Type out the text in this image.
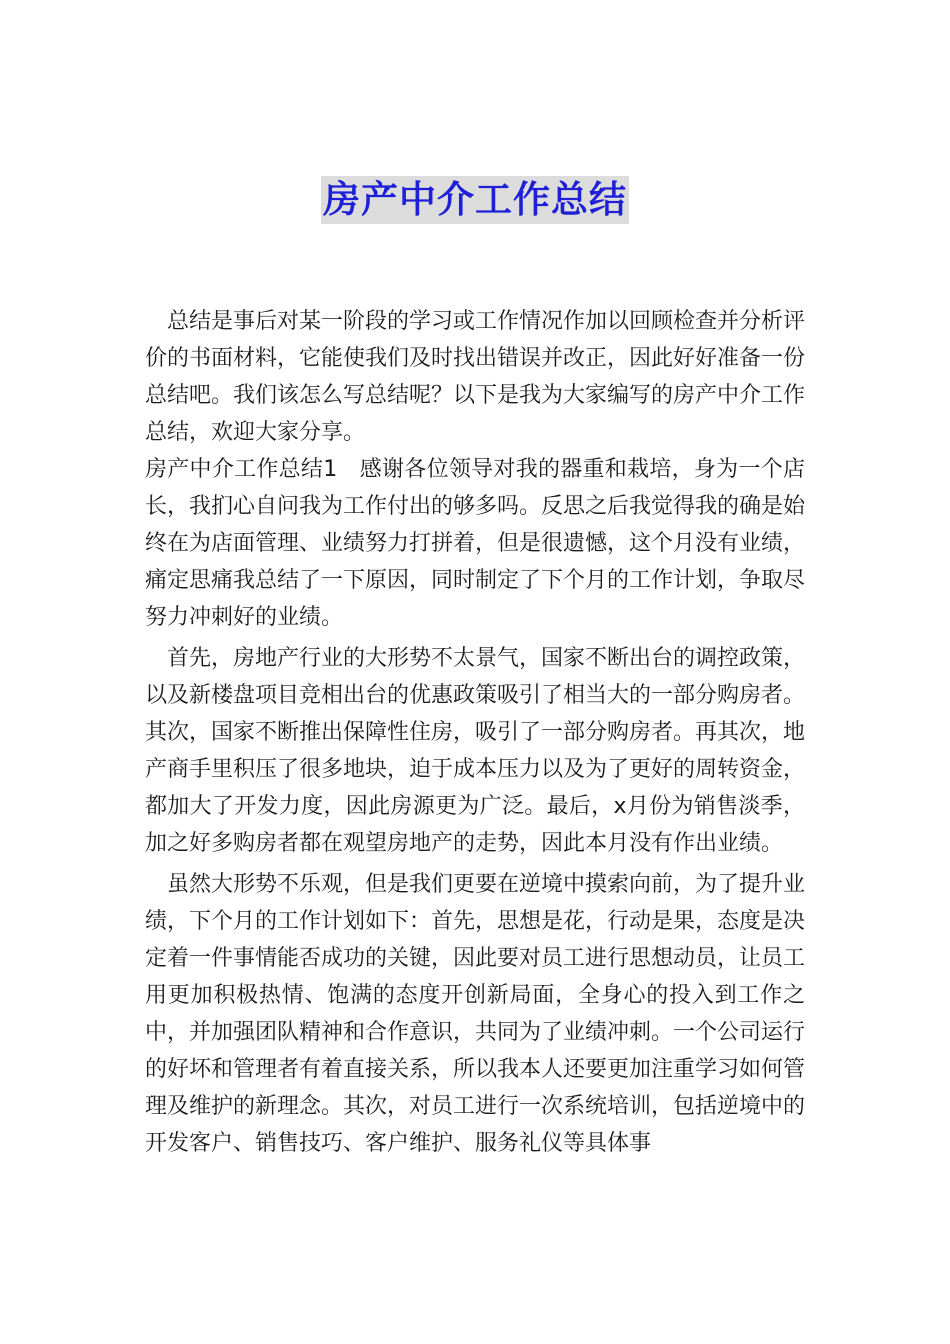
房产中介工作总结

总结是事后对某一阶段的学习或工作情况作加以回顾检查并分析评价的书面材料，它能使我们及时找出错误并改正，因此好好准备一份总结吧。我们该怎么写总结呢？以下是我为大家编写的房产中介工作总结，欢迎大家分享。

房产中介工作总结1　感谢各位领导对我的器重和栽培，身为一个店长，我扪心自问我为工作付出的够多吗。反思之后我觉得我的确是始终在为店面管理、业绩努力打拼着，但是很遗憾，这个月没有业绩，痛定思痛我总结了一下原因，同时制定了下个月的工作计划，争取尽努力冲刺好的业绩。

首先，房地产行业的大形势不太景气，国家不断出台的调控政策，以及新楼盘项目竞相出台的优惠政策吸引了相当大的一部分购房者。其次，国家不断推出保障性住房，吸引了一部分购房者。再其次，地产商手里积压了很多地块，迫于成本压力以及为了更好的周转资金，都加大了开发力度，因此房源更为广泛。最后，x月份为销售淡季，加之好多购房者都在观望房地产的走势，因此本月没有作出业绩。

虽然大形势不乐观，但是我们更要在逆境中摸索向前，为了提升业绩，下个月的工作计划如下：首先，思想是花，行动是果，态度是决定着一件事情能否成功的关键，因此要对员工进行思想动员，让员工用更加积极热情、饱满的态度开创新局面，全身心的投入到工作之中，并加强团队精神和合作意识，共同为了业绩冲刺。一个公司运行的好坏和管理者有着直接关系，所以我本人还要更加注重学习如何管理及维护的新理念。其次，对员工进行一次系统培训，包括逆境中的开发客户、销售技巧、客户维护、服务礼仪等具体事
